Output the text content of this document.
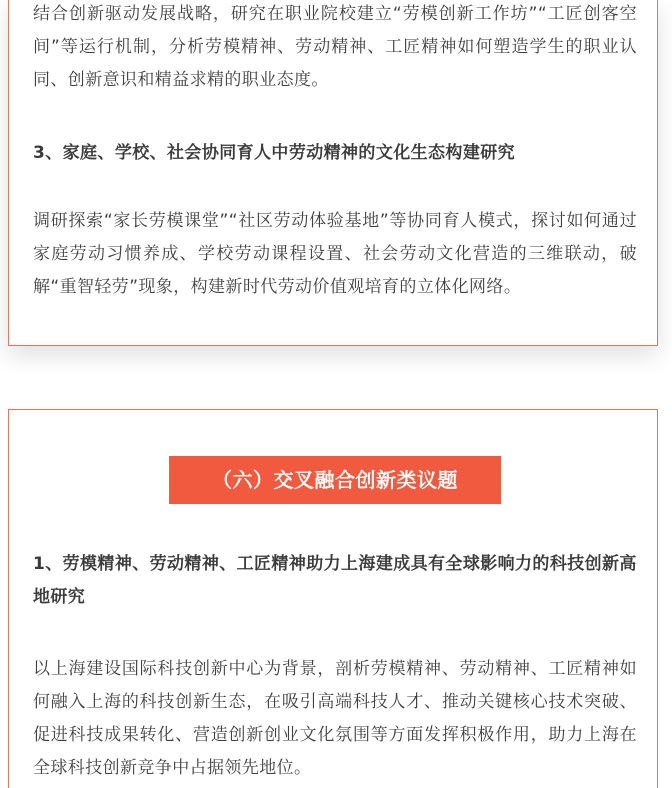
结合创新驱动发展战略，研究在职业院校建立“劳模创新工作坊”“工匠创客空间”等运行机制，分析劳模精神、劳动精神、工匠精神如何塑造学生的职业认同、创新意识和精益求精的职业态度。

3、家庭、学校、社会协同育人中劳动精神的文化生态构建研究

调研探索“家长劳模课堂”“社区劳动体验基地”等协同育人模式，探讨如何通过家庭劳动习惯养成、学校劳动课程设置、社会劳动文化营造的三维联动，破解“重智轻劳”现象，构建新时代劳动价值观培育的立体化网络。

（六）交叉融合创新类议题

1、劳模精神、劳动精神、工匠精神助力上海建成具有全球影响力的科技创新高地研究

以上海建设国际科技创新中心为背景，剖析劳模精神、劳动精神、工匠精神如何融入上海的科技创新生态，在吸引高端科技人才、推动关键核心技术突破、促进科技成果转化、营造创新创业文化氛围等方面发挥积极作用，助力上海在全球科技创新竞争中占据领先地位。
